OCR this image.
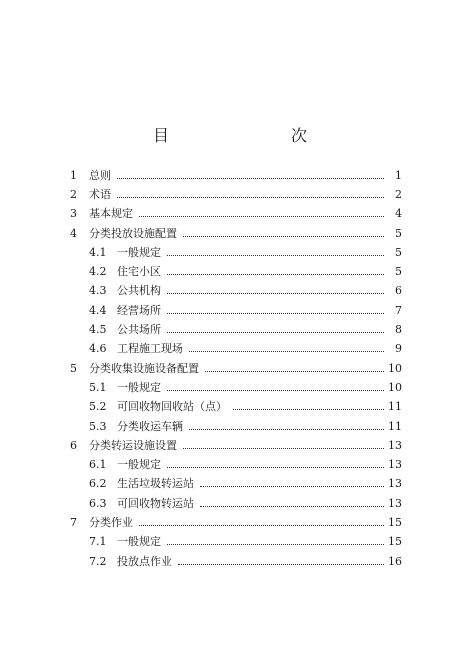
目　　次
1	总则	1
2	术语	2
3	基本规定	4
4	分类投放设施配置	5
4.1 一般规定	5
4.2 住宅小区	5
4.3 公共机构	6
4.4 经营场所	7
4.5 公共场所	8
4.6 工程施工现场	9
5	分类收集设施设备配置	10
5.1 一般规定	10
5.2 可回收物回收站（点）	11
5.3 分类收运车辆	11
6	分类转运设施设置	13
6.1 一般规定	13
6.2 生活垃圾转运站	13
6.3 可回收物转运站	13
7	分类作业	15
7.1 一般规定	15
7.2 投放点作业	16
